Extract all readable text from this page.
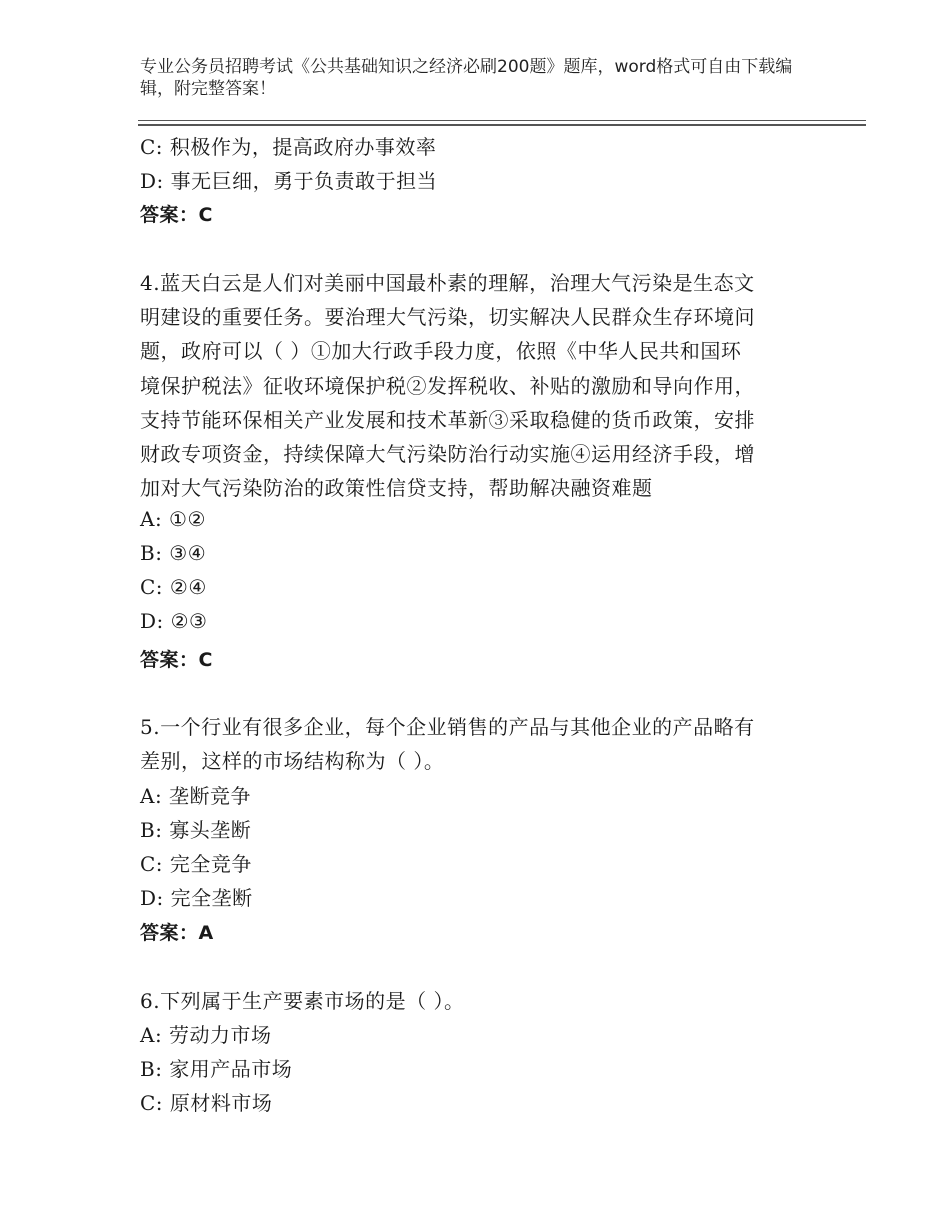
专业公务员招聘考试《公共基础知识之经济必刷200题》题库，word格式可自由下载编辑，附完整答案！
C: 积极作为，提高政府办事效率
D: 事无巨细，勇于负责敢于担当
答案：C
4.蓝天白云是人们对美丽中国最朴素的理解，治理大气污染是生态文
明建设的重要任务。要治理大气污染，切实解决人民群众生存环境问
题，政府可以（ ）①加大行政手段力度，依照《中华人民共和国环
境保护税法》征收环境保护税②发挥税收、补贴的激励和导向作用，
支持节能环保相关产业发展和技术革新③采取稳健的货币政策，安排
财政专项资金，持续保障大气污染防治行动实施④运用经济手段，增
加对大气污染防治的政策性信贷支持，帮助解决融资难题
A: ①②
B: ③④
C: ②④
D: ②③
答案：C
5.一个行业有很多企业，每个企业销售的产品与其他企业的产品略有
差别，这样的市场结构称为（ ）。
A: 垄断竞争
B: 寡头垄断
C: 完全竞争
D: 完全垄断
答案：A
6.下列属于生产要素市场的是（ ）。
A: 劳动力市场
B: 家用产品市场
C: 原材料市场
